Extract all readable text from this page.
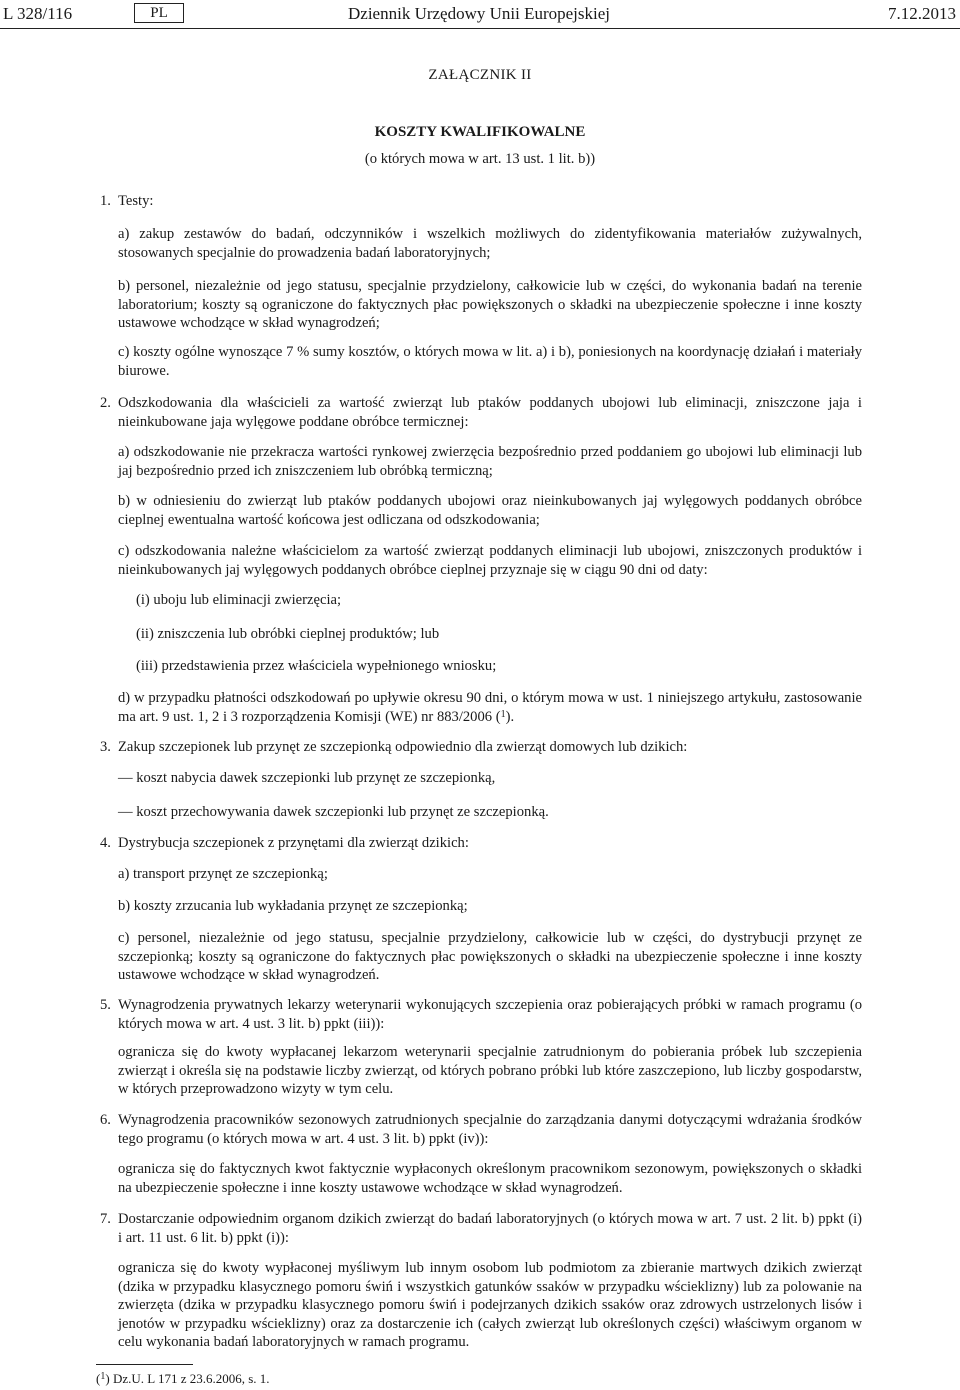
L 328/116	PL	Dziennik Urzędowy Unii Europejskiej	7.12.2013
ZAŁĄCZNIK II
KOSZTY KWALIFIKOWALNE
(o których mowa w art. 13 ust. 1 lit. b))
1. Testy:
a) zakup zestawów do badań, odczynników i wszelkich możliwych do zidentyfikowania materiałów zużywalnych, stosowanych specjalnie do prowadzenia badań laboratoryjnych;
b) personel, niezależnie od jego statusu, specjalnie przydzielony, całkowicie lub w części, do wykonania badań na terenie laboratorium; koszty są ograniczone do faktycznych płac powiększonych o składki na ubezpieczenie społeczne i inne koszty ustawowe wchodzące w skład wynagrodzeń;
c) koszty ogólne wynoszące 7 % sumy kosztów, o których mowa w lit. a) i b), poniesionych na koordynację działań i materiały biurowe.
2. Odszkodowania dla właścicieli za wartość zwierząt lub ptaków poddanych ubojowi lub eliminacji, zniszczone jaja i nieinkubowane jaja wylęgowe poddane obróbce termicznej:
a) odszkodowanie nie przekracza wartości rynkowej zwierzęcia bezpośrednio przed poddaniem go ubojowi lub eliminacji lub jaj bezpośrednio przed ich zniszczeniem lub obróbką termiczną;
b) w odniesieniu do zwierząt lub ptaków poddanych ubojowi oraz nieinkubowanych jaj wylęgowych poddanych obróbce cieplnej ewentualna wartość końcowa jest odliczana od odszkodowania;
c) odszkodowania należne właścicielom za wartość zwierząt poddanych eliminacji lub ubojowi, zniszczonych produktów i nieinkubowanych jaj wylęgowych poddanych obróbce cieplnej przyznaje się w ciągu 90 dni od daty:
(i) uboju lub eliminacji zwierzęcia;
(ii) zniszczenia lub obróbki cieplnej produktów; lub
(iii) przedstawienia przez właściciela wypełnionego wniosku;
d) w przypadku płatności odszkodowań po upływie okresu 90 dni, o którym mowa w ust. 1 niniejszego artykułu, zastosowanie ma art. 9 ust. 1, 2 i 3 rozporządzenia Komisji (WE) nr 883/2006 ($^1$).
3. Zakup szczepionek lub przynęt ze szczepionką odpowiednio dla zwierząt domowych lub dzikich:
— koszt nabycia dawek szczepionki lub przynęt ze szczepionką,
— koszt przechowywania dawek szczepionki lub przynęt ze szczepionką.
4. Dystrybucja szczepionek z przynętami dla zwierząt dzikich:
a) transport przynęt ze szczepionką;
b) koszty zrzucania lub wykładania przynęt ze szczepionką;
c) personel, niezależnie od jego statusu, specjalnie przydzielony, całkowicie lub w części, do dystrybucji przynęt ze szczepionką; koszty są ograniczone do faktycznych płac powiększonych o składki na ubezpieczenie społeczne i inne koszty ustawowe wchodzące w skład wynagrodzeń.
5. Wynagrodzenia prywatnych lekarzy weterynarii wykonujących szczepienia oraz pobierających próbki w ramach programu (o których mowa w art. 4 ust. 3 lit. b) ppkt (iii)):
ogranicza się do kwoty wypłacanej lekarzom weterynarii specjalnie zatrudnionym do pobierania próbek lub szczepienia zwierząt i określa się na podstawie liczby zwierząt, od których pobrano próbki lub które zaszczepiono, lub liczby gospodarstw, w których przeprowadzono wizyty w tym celu.
6. Wynagrodzenia pracowników sezonowych zatrudnionych specjalnie do zarządzania danymi dotyczącymi wdrażania środków tego programu (o których mowa w art. 4 ust. 3 lit. b) ppkt (iv)):
ogranicza się do faktycznych kwot faktycznie wypłaconych określonym pracownikom sezonowym, powiększonych o składki na ubezpieczenie społeczne i inne koszty ustawowe wchodzące w skład wynagrodzeń.
7. Dostarczanie odpowiednim organom dzikich zwierząt do badań laboratoryjnych (o których mowa w art. 7 ust. 2 lit. b) ppkt (i) i art. 11 ust. 6 lit. b) ppkt (i)):
ogranicza się do kwoty wypłaconej myśliwym lub innym osobom lub podmiotom za zbieranie martwych dzikich zwierząt (dzika w przypadku klasycznego pomoru świń i wszystkich gatunków ssaków w przypadku wścieklizny) lub za polowanie na zwierzęta (dzika w przypadku klasycznego pomoru świń i podejrzanych dzikich ssaków oraz zdrowych ustrzelonych lisów i jenotów w przypadku wścieklizny) oraz za dostarczenie ich (całych zwierząt lub określonych części) właściwym organom w celu wykonania badań laboratoryjnych w ramach programu.
($^1$) Dz.U. L 171 z 23.6.2006, s. 1.
